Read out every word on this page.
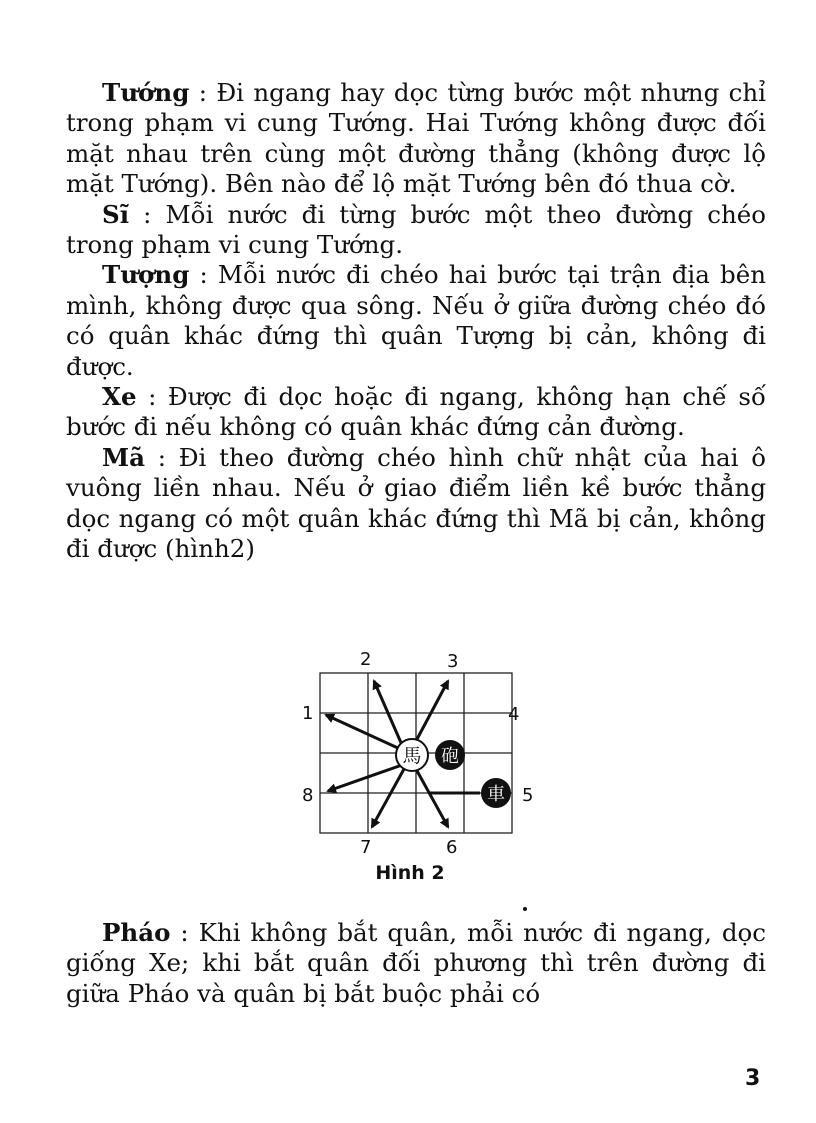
Tướng : Đi ngang hay dọc từng bước một nhưng chỉ trong phạm vi cung Tướng. Hai Tướng không được đối mặt nhau trên cùng một đường thẳng (không được lộ mặt Tướng). Bên nào để lộ mặt Tướng bên đó thua cờ.

Sĩ : Mỗi nước đi từng bước một theo đường chéo trong phạm vi cung Tướng.

Tượng : Mỗi nước đi chéo hai bước tại trận địa bên mình, không được qua sông. Nếu ở giữa đường chéo đó có quân khác đứng thì quân Tượng bị cản, không đi được.

Xe : Được đi dọc hoặc đi ngang, không hạn chế số bước đi nếu không có quân khác đứng cản đường.

Mã : Đi theo đường chéo hình chữ nhật của hai ô vuông liền nhau. Nếu ở giao điểm liền kề bước thẳng dọc ngang có một quân khác đứng thì Mã bị cản, không đi được (hình2)

2	3
1	4
8	5
7	6
馬 砲
車
Hình 2

Pháo : Khi không bắt quân, mỗi nước đi ngang, dọc giống Xe; khi bắt quân đối phương thì trên đường đi giữa Pháo và quân bị bắt buộc phải có

3
